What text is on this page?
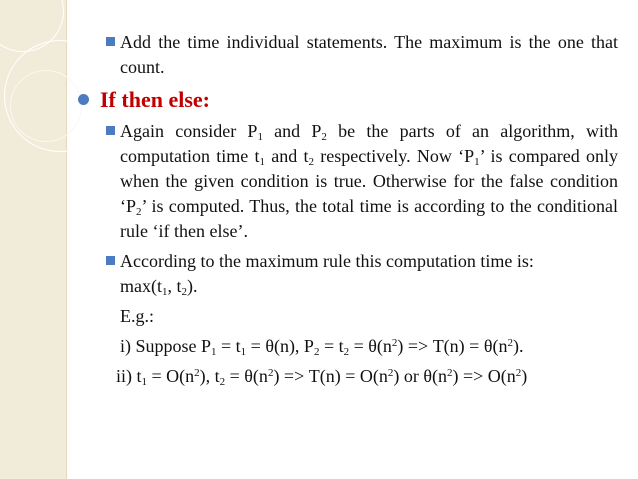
Add the time individual statements. The maximum is the one that count.
If then else:
Again consider $P_1$ and $P_2$ be the parts of an algorithm, with computation time $t_1$ and $t_2$ respectively. Now ‘$P_1$’ is compared only when the given condition is true. Otherwise for the false condition ‘$P_2$’ is computed. Thus, the total time is according to the conditional rule ‘if then else’.
According to the maximum rule this computation time is:
$\max(t_1$, $t_2$).
E.g.:
i) Suppose $P_1 = t_1 = \theta(n)$, $P_2 = t_2 = \theta(n^2) => T(n) = \theta(n^2)$.
ii) $t_1 = O(n^2)$, $t_2 = \theta(n^2) => T(n) = O(n^2)$ or $\theta(n^2) => O(n^2)$
